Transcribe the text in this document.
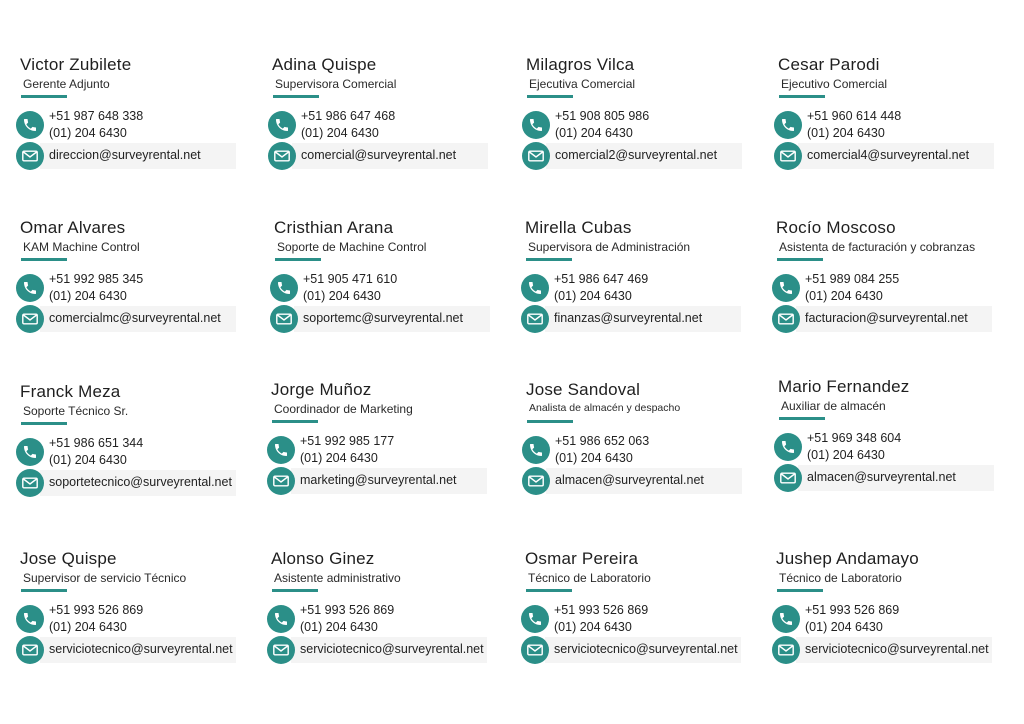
Victor Zubilete
Gerente Adjunto
+51 987 648 338
(01) 204 6430
direccion@surveyrental.net
Adina Quispe
Supervisora Comercial
+51 986 647 468
(01) 204 6430
comercial@surveyrental.net
Milagros Vilca
Ejecutiva Comercial
+51 908 805 986
(01) 204 6430
comercial2@surveyrental.net
Cesar Parodi
Ejecutivo Comercial
+51 960 614 448
(01) 204 6430
comercial4@surveyrental.net
Omar Alvares
KAM Machine Control
+51 992 985 345
(01) 204 6430
comercialmc@surveyrental.net
Cristhian Arana
Soporte de Machine Control
+51 905 471 610
(01) 204 6430
soportemc@surveyrental.net
Mirella Cubas
Supervisora de Administración
+51 986 647 469
(01) 204 6430
finanzas@surveyrental.net
Rocío Moscoso
Asistenta de facturación y cobranzas
+51 989 084 255
(01) 204 6430
facturacion@surveyrental.net
Franck Meza
Soporte Técnico Sr.
+51 986 651 344
(01) 204 6430
soportetecnico@surveyrental.net
Jorge Muñoz
Coordinador de Marketing
+51 992 985 177
(01) 204 6430
marketing@surveyrental.net
Jose Sandoval
Analista de almacén y despacho
+51 986 652 063
(01) 204 6430
almacen@surveyrental.net
Mario Fernandez
Auxiliar de almacén
+51 969 348 604
(01) 204 6430
almacen@surveyrental.net
Jose Quispe
Supervisor de servicio Técnico
+51 993 526 869
(01) 204 6430
serviciotecnico@surveyrental.net
Alonso Ginez
Asistente administrativo
+51 993 526 869
(01) 204 6430
serviciotecnico@surveyrental.net
Osmar Pereira
Técnico de Laboratorio
+51 993 526 869
(01) 204 6430
serviciotecnico@surveyrental.net
Jushep Andamayo
Técnico de Laboratorio
+51 993 526 869
(01) 204 6430
serviciotecnico@surveyrental.net
